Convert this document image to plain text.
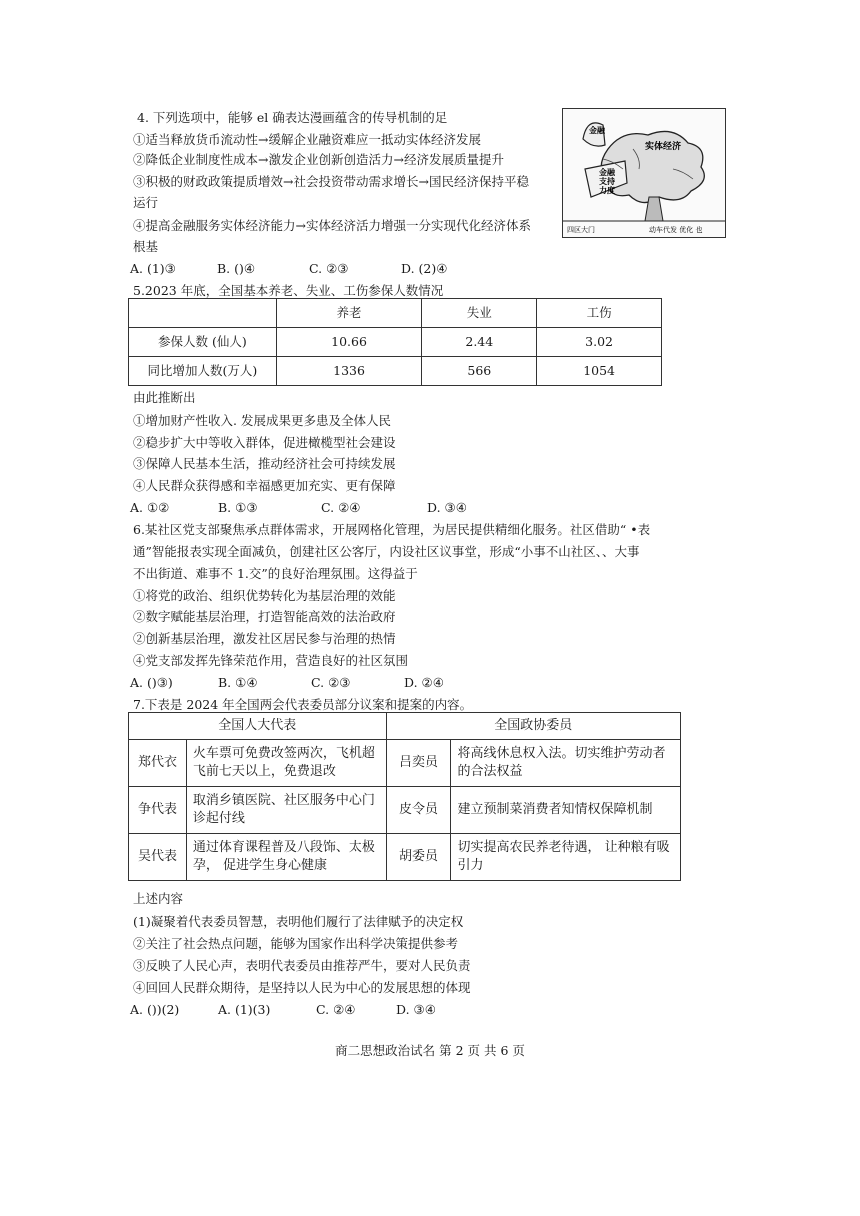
4. 下列选项中，能够 el 确表达漫画蕴含的传导机制的足
①适当释放货币流动性→缓解企业融资难应一抵动实体经济发展
②降低企业制度性成本→激发企业创新创造活力→经济发展质量提升
③积极的财政政策提质增效→社会投资带动需求增长→国民经济保持平稳
运行
④提高金融服务实体经济能力→实体经济活力增强一分实现代化经济体系
根基
A. (1)③	B. ()④	C. ②③	D. (2)④
金融
实体经济
金融
支持
力度
四区大门	动车代发 优化 也
5.2023 年底，全国基本养老、失业、工伤参保人数情况
	养老	失业	工伤
参保人数 (仙人)	10.66	2.44	3.02
同比增加人数(万人)	1336	566	1054
由此推断出
①增加财产性收入. 发展成果更多患及全体人民
②稳步扩大中等收入群体，促进橄榄型社会建设
③保障人民基本生活，推动经济社会可持续发展
④人民群众获得感和幸福感更加充实、更有保障
A. ①②	B. ①③	C. ②④	D. ③④
6.某社区党支部聚焦承点群体需求，开展网格化管理，为居民提供精细化服务。社区借助“ •表
通”智能报表实现全面减负，创建社区公客厅，内设社区议事堂，形成“小事不山社区、、大事
不出街道、难事不 1.交”的良好治理氛围。这得益于
①将党的政治、组织优势转化为基层治理的效能
②数字赋能基层治理，打造智能高效的法治政府
②创新基层治理，激发社区居民参与治理的热情
④党支部发挥先锋荣范作用，营造良好的社区氛围
A. ()③)	B. ①④	C. ②③	D. ②④
7.下表是 2024 年全国两会代表委员部分议案和提案的内容。
全国人大代表		全国政协委员	
郑代衣	火车票可免费改签两次，飞机超飞前七天以上，免费退改	吕奕员	将高线休息权入法。切实维护劳动者的合法权益
争代表	取消乡镇医院、社区服务中心门诊起付线	皮令员	建立预制菜消费者知情权保障机制
吴代表	通过体育课程普及八段饰、太极孕， 促进学生身心健康	胡委员	切实提高农民养老待遇， 让种粮有吸引力
上述内容
(1)凝聚着代表委员智慧，表明他们履行了法律赋予的决定权
②关注了社会热点问题，能够为国家作出科学决策提供参考
③反映了人民心声，表明代表委员由推荐严牛，要对人民负责
④回回人民群众期待，是坚持以人民为中心的发展思想的体现
A. ())(2)	A. (1)(3)	C. ②④	D. ③④
商二思想政治试名 第 2 页 共 6 页
